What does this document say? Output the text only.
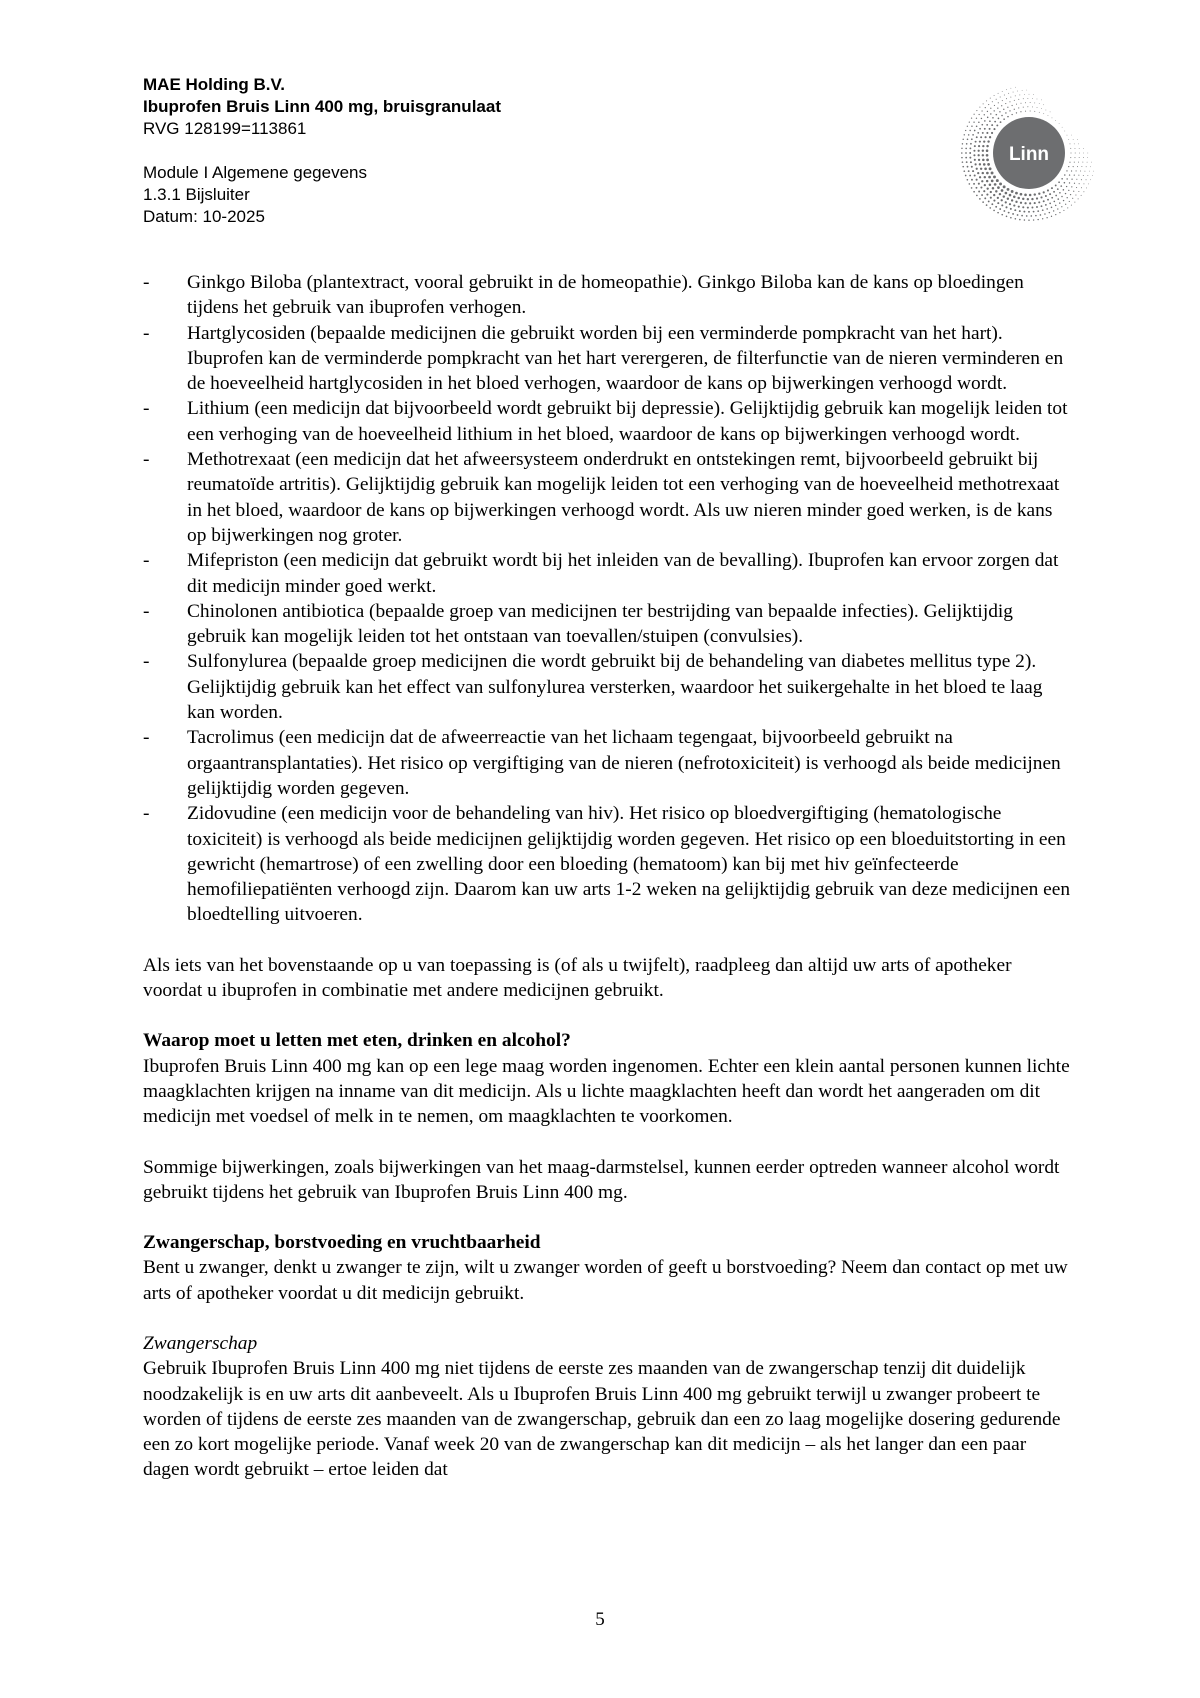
MAE Holding B.V.
Ibuprofen Bruis Linn 400 mg, bruisgranulaat
RVG 128199=113861
Module I Algemene gegevens
1.3.1 Bijsluiter
Datum: 10-2025
Linn
- Ginkgo Biloba (plantextract, vooral gebruikt in de homeopathie). Ginkgo Biloba kan de kans op bloedingen tijdens het gebruik van ibuprofen verhogen.
- Hartglycosiden (bepaalde medicijnen die gebruikt worden bij een verminderde pompkracht van het hart). Ibuprofen kan de verminderde pompkracht van het hart verergeren, de filterfunctie van de nieren verminderen en de hoeveelheid hartglycosiden in het bloed verhogen, waardoor de kans op bijwerkingen verhoogd wordt.
- Lithium (een medicijn dat bijvoorbeeld wordt gebruikt bij depressie). Gelijktijdig gebruik kan mogelijk leiden tot een verhoging van de hoeveelheid lithium in het bloed, waardoor de kans op bijwerkingen verhoogd wordt.
- Methotrexaat (een medicijn dat het afweersysteem onderdrukt en ontstekingen remt, bijvoorbeeld gebruikt bij reumatoïde artritis). Gelijktijdig gebruik kan mogelijk leiden tot een verhoging van de hoeveelheid methotrexaat in het bloed, waardoor de kans op bijwerkingen verhoogd wordt. Als uw nieren minder goed werken, is de kans op bijwerkingen nog groter.
- Mifepriston (een medicijn dat gebruikt wordt bij het inleiden van de bevalling). Ibuprofen kan ervoor zorgen dat dit medicijn minder goed werkt.
- Chinolonen antibiotica (bepaalde groep van medicijnen ter bestrijding van bepaalde infecties). Gelijktijdig gebruik kan mogelijk leiden tot het ontstaan van toevallen/stuipen (convulsies).
- Sulfonylurea (bepaalde groep medicijnen die wordt gebruikt bij de behandeling van diabetes mellitus type 2). Gelijktijdig gebruik kan het effect van sulfonylurea versterken, waardoor het suikergehalte in het bloed te laag kan worden.
- Tacrolimus (een medicijn dat de afweerreactie van het lichaam tegengaat, bijvoorbeeld gebruikt na orgaantransplantaties). Het risico op vergiftiging van de nieren (nefrotoxiciteit) is verhoogd als beide medicijnen gelijktijdig worden gegeven.
- Zidovudine (een medicijn voor de behandeling van hiv). Het risico op bloedvergiftiging (hematologische toxiciteit) is verhoogd als beide medicijnen gelijktijdig worden gegeven. Het risico op een bloeduitstorting in een gewricht (hemartrose) of een zwelling door een bloeding (hematoom) kan bij met hiv geïnfecteerde hemofiliepatiënten verhoogd zijn. Daarom kan uw arts 1-2 weken na gelijktijdig gebruik van deze medicijnen een bloedtelling uitvoeren.

Als iets van het bovenstaande op u van toepassing is (of als u twijfelt), raadpleeg dan altijd uw arts of apotheker voordat u ibuprofen in combinatie met andere medicijnen gebruikt.

Waarop moet u letten met eten, drinken en alcohol?

Ibuprofen Bruis Linn 400 mg kan op een lege maag worden ingenomen. Echter een klein aantal personen kunnen lichte maagklachten krijgen na inname van dit medicijn. Als u lichte maagklachten heeft dan wordt het aangeraden om dit medicijn met voedsel of melk in te nemen, om maagklachten te voorkomen.

Sommige bijwerkingen, zoals bijwerkingen van het maag-darmstelsel, kunnen eerder optreden wanneer alcohol wordt gebruikt tijdens het gebruik van Ibuprofen Bruis Linn 400 mg.

Zwangerschap, borstvoeding en vruchtbaarheid

Bent u zwanger, denkt u zwanger te zijn, wilt u zwanger worden of geeft u borstvoeding? Neem dan contact op met uw arts of apotheker voordat u dit medicijn gebruikt.

Zwangerschap

Gebruik Ibuprofen Bruis Linn 400 mg niet tijdens de eerste zes maanden van de zwangerschap tenzij dit duidelijk noodzakelijk is en uw arts dit aanbeveelt. Als u Ibuprofen Bruis Linn 400 mg gebruikt terwijl u zwanger probeert te worden of tijdens de eerste zes maanden van de zwangerschap, gebruik dan een zo laag mogelijke dosering gedurende een zo kort mogelijke periode. Vanaf week 20 van de zwangerschap kan dit medicijn – als het langer dan een paar dagen wordt gebruikt – ertoe leiden dat

5
